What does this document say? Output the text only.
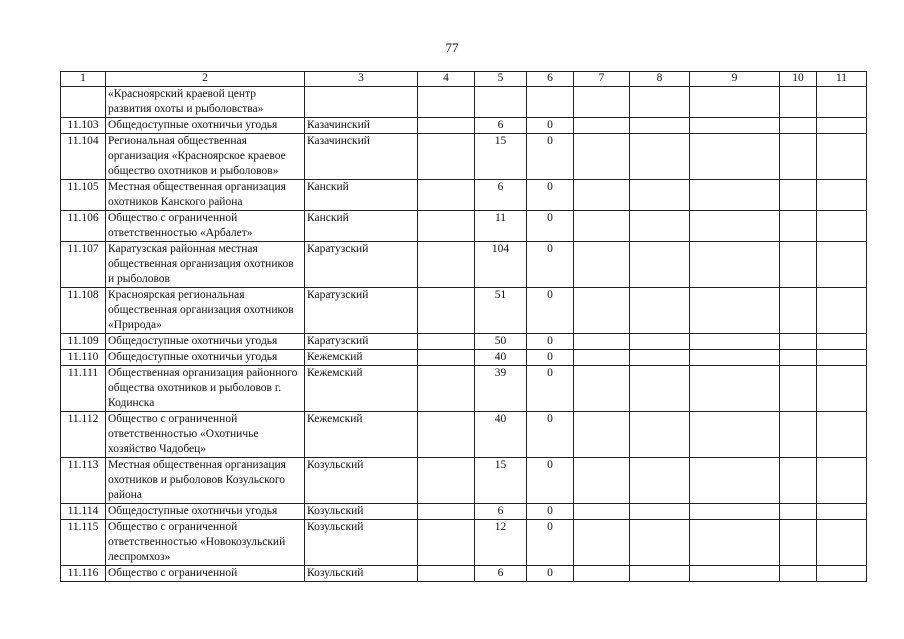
77
1	2	3	4	5	6	7	8	9	10	11
	«Красноярский краевой центр развития охоты и рыболовства»									
11.103	Общедоступные охотничьи угодья	Казачинский		6	0					
11.104	Региональная общественная организация «Красноярское краевое общество охотников и рыболовов»	Казачинский		15	0					
11.105	Местная общественная организация охотников Канского района	Канский		6	0					
11.106	Общество с ограниченной ответственностью «Арбалет»	Канский		11	0					
11.107	Каратузская районная местная общественная организация охотников и рыболовов	Каратузский		104	0					
11.108	Красноярская региональная общественная организация охотников «Природа»	Каратузский		51	0					
11.109	Общедоступные охотничьи угодья	Каратузский		50	0					
11.110	Общедоступные охотничьи угодья	Кежемский		40	0					
11.111	Общественная организация районного общества охотников и рыболовов г. Кодинска	Кежемский		39	0					
11.112	Общество с ограниченной ответственностью «Охотничье хозяйство Чадобец»	Кежемский		40	0					
11.113	Местная общественная организация охотников и рыболовов Козульского района	Козульский		15	0					
11.114	Общедоступные охотничьи угодья	Козульский		6	0					
11.115	Общество с ограниченной ответственностью «Новокозульский леспромхоз»	Козульский		12	0					
11.116	Общество с ограниченной	Козульский		6	0					
